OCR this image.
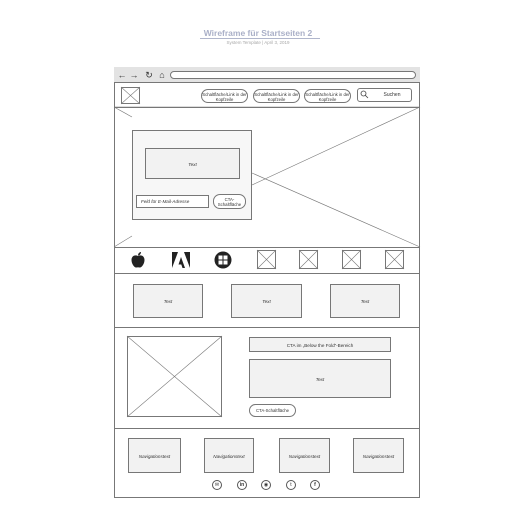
Wireframe für Startseiten 2
System Template | April 3, 2019
← → ↻ ⌂
Schaltfläche/Link in der Kopfzeile
Schaltfläche/Link in der Kopfzeile
Schaltfläche/Link in der Kopfzeile
Suchen
Text
Feld für E-Mail-Adresse	CTA-Schaltfläche
Text	Text	Text
CTA im „Below the Fold“-Bereich
Text
CTA-Schaltfläche
Navigationstext	Navigationstext	Navigationstext	Navigationstext
✉	in	◉	t	f
